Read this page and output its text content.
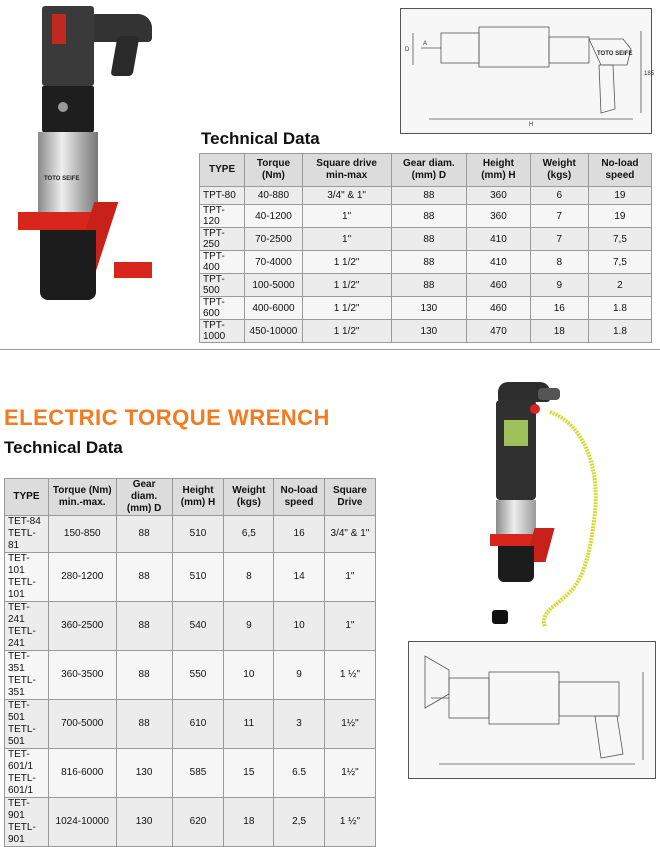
TOTO SEIFE
D
A
185
H
TOTO SEIFE
Technical Data
TYPE	Torque (Nm)	Square drive min-max	Gear diam. (mm) D	Height (mm) H	Weight (kgs)	No-load speed
TPT-80	40-880	3/4" & 1"	88	360	6	19
TPT-120	40-1200	1"	88	360	7	19
TPT-250	70-2500	1"	88	410	7	7,5
TPT-400	70-4000	1 1/2"	88	410	8	7,5
TPT-500	100-5000	1 1/2"	88	460	9	2
TPT-600	400-6000	1 1/2"	130	460	16	1.8
TPT-1000	450-10000	1 1/2"	130	470	18	1.8
ELECTRIC TORQUE WRENCH
Technical Data
TYPE	Torque (Nm) min.-max.	Gear diam. (mm) D	Height (mm) H	Weight (kgs)	No-load speed	Square Drive

TET-84
TETL-81	150-850	88	510	6,5	16	3/4" & 1"

TET-101
TETL-101	280-1200	88	510	8	14	1"

TET-241
TETL-241	360-2500	88	540	9	10	1"

TET-351
TETL-351	360-3500	88	550	10	9	1 ½"

TET-501
TETL-501	700-5000	88	610	11	3	1½"

TET-601/1
TETL-601/1	816-6000	130	585	15	6.5	1½"

TET-901
TETL-901	1024-10000	130	620	18	2,5	1 ½"
